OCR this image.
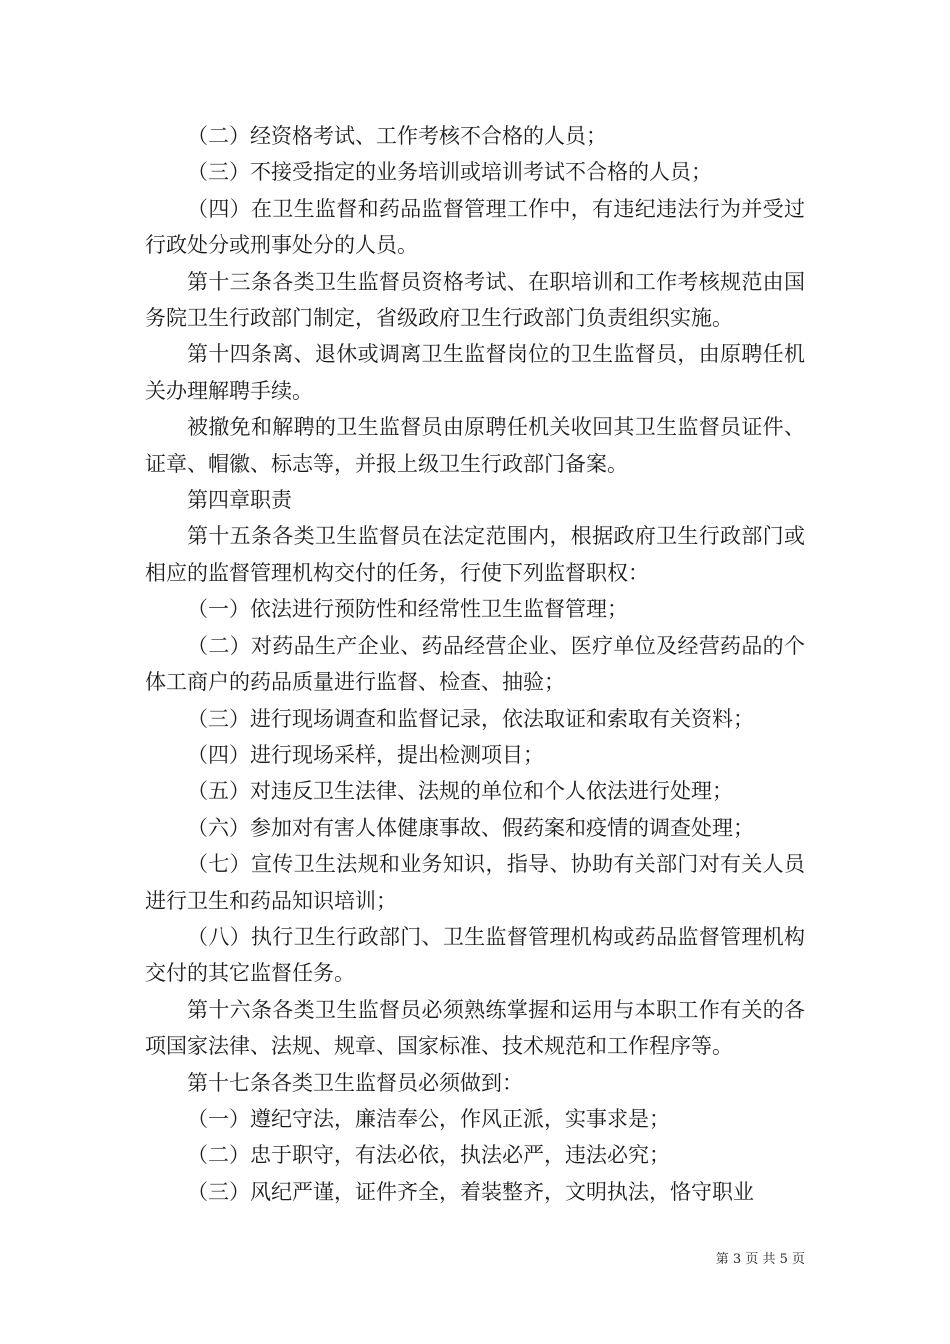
（二）经资格考试、工作考核不合格的人员；

（三）不接受指定的业务培训或培训考试不合格的人员；

（四）在卫生监督和药品监督管理工作中，有违纪违法行为并受过行政处分或刑事处分的人员。

第十三条各类卫生监督员资格考试、在职培训和工作考核规范由国务院卫生行政部门制定，省级政府卫生行政部门负责组织实施。

第十四条离、退休或调离卫生监督岗位的卫生监督员，由原聘任机关办理解聘手续。

被撤免和解聘的卫生监督员由原聘任机关收回其卫生监督员证件、证章、帽徽、标志等，并报上级卫生行政部门备案。

第四章职责

第十五条各类卫生监督员在法定范围内，根据政府卫生行政部门或相应的监督管理机构交付的任务，行使下列监督职权：

（一）依法进行预防性和经常性卫生监督管理；

（二）对药品生产企业、药品经营企业、医疗单位及经营药品的个体工商户的药品质量进行监督、检查、抽验；

（三）进行现场调查和监督记录，依法取证和索取有关资料；

（四）进行现场采样，提出检测项目；

（五）对违反卫生法律、法规的单位和个人依法进行处理；

（六）参加对有害人体健康事故、假药案和疫情的调查处理；

（七）宣传卫生法规和业务知识，指导、协助有关部门对有关人员进行卫生和药品知识培训；

（八）执行卫生行政部门、卫生监督管理机构或药品监督管理机构交付的其它监督任务。

第十六条各类卫生监督员必须熟练掌握和运用与本职工作有关的各项国家法律、法规、规章、国家标准、技术规范和工作程序等。

第十七条各类卫生监督员必须做到：

（一）遵纪守法，廉洁奉公，作风正派，实事求是；

（二）忠于职守，有法必依，执法必严，违法必究；

（三）风纪严谨，证件齐全，着装整齐，文明执法，恪守职业

第 3 页 共 5 页
